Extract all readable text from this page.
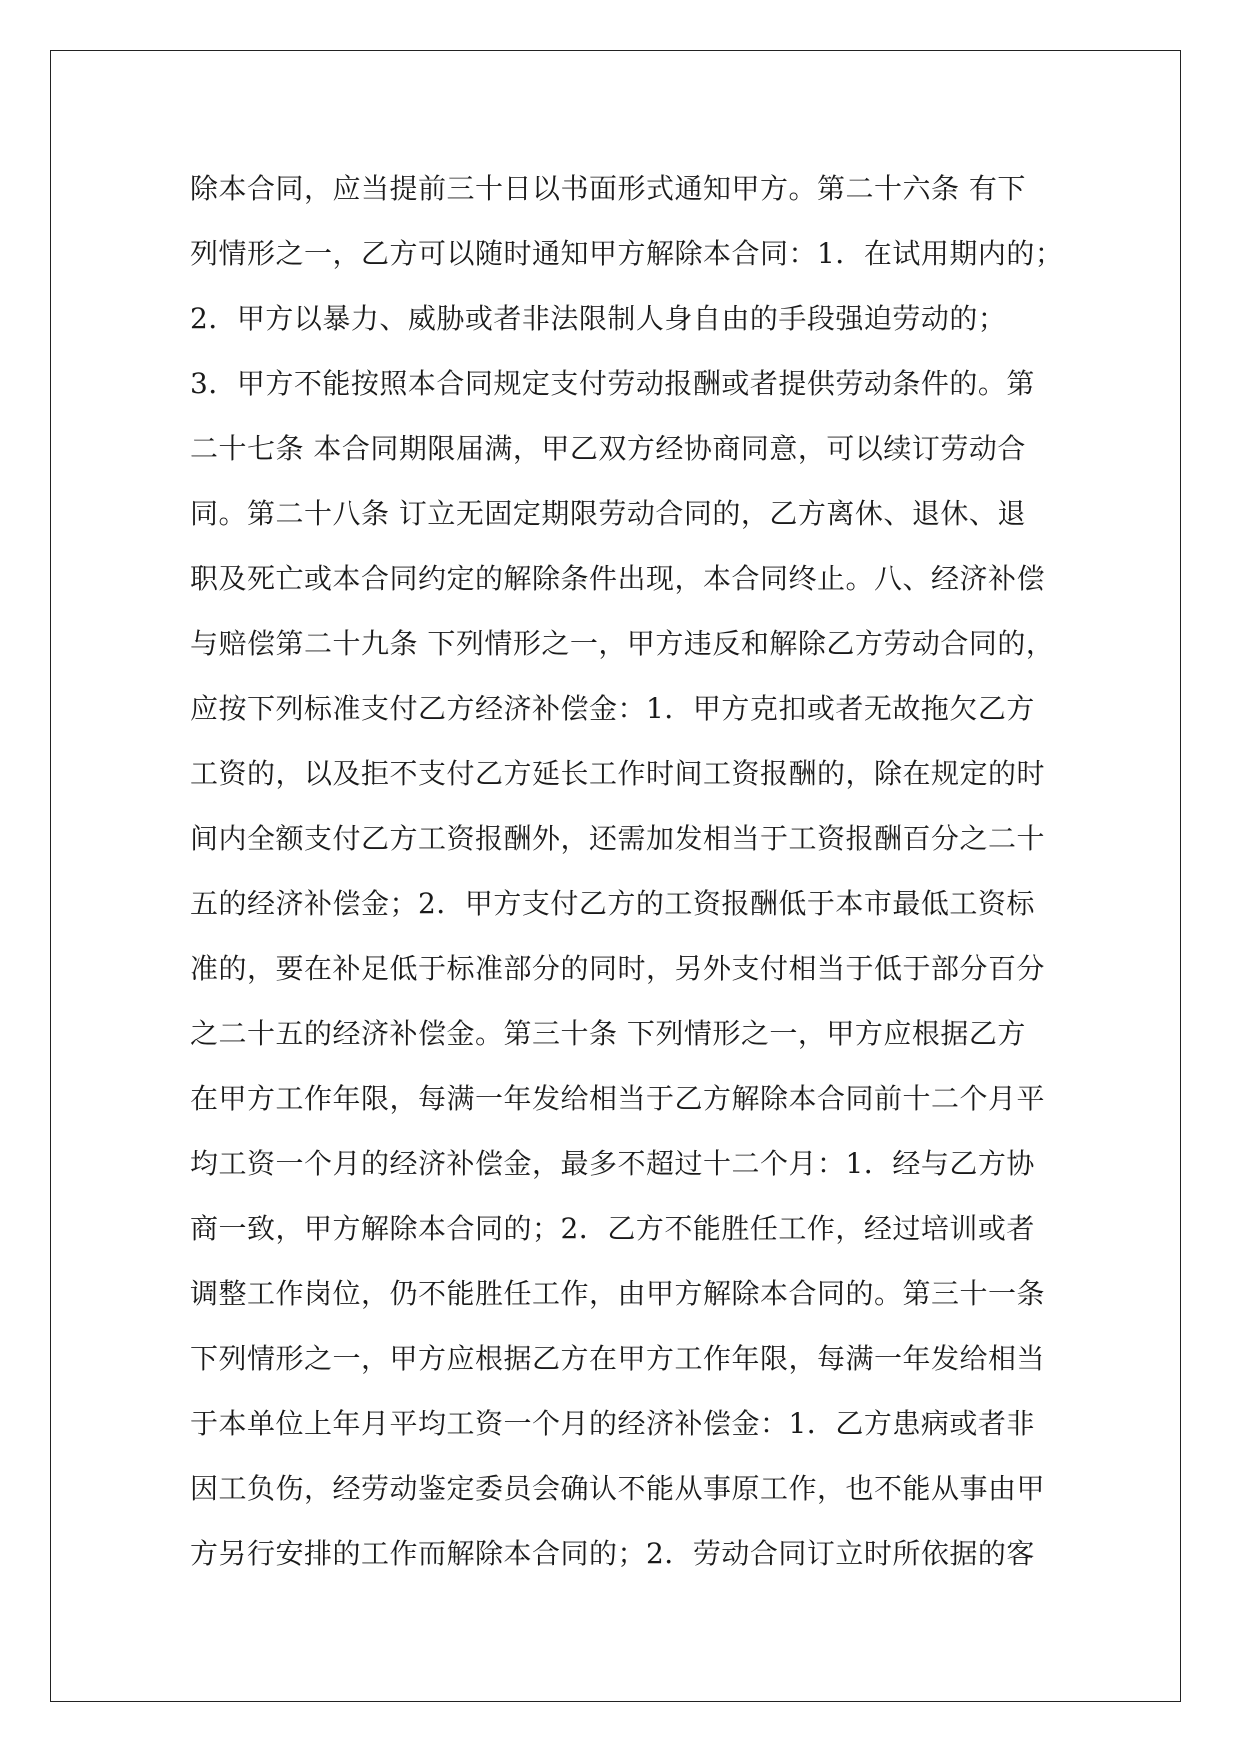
除本合同，应当提前三十日以书面形式通知甲方。第二十六条 有下
列情形之一，乙方可以随时通知甲方解除本合同：1．在试用期内的；
2．甲方以暴力、威胁或者非法限制人身自由的手段强迫劳动的；
3．甲方不能按照本合同规定支付劳动报酬或者提供劳动条件的。第
二十七条 本合同期限届满，甲乙双方经协商同意，可以续订劳动合
同。第二十八条 订立无固定期限劳动合同的，乙方离休、退休、退
职及死亡或本合同约定的解除条件出现，本合同终止。八、经济补偿
与赔偿第二十九条 下列情形之一，甲方违反和解除乙方劳动合同的，
应按下列标准支付乙方经济补偿金：1．甲方克扣或者无故拖欠乙方
工资的，以及拒不支付乙方延长工作时间工资报酬的，除在规定的时
间内全额支付乙方工资报酬外，还需加发相当于工资报酬百分之二十
五的经济补偿金；2．甲方支付乙方的工资报酬低于本市最低工资标
准的，要在补足低于标准部分的同时，另外支付相当于低于部分百分
之二十五的经济补偿金。第三十条 下列情形之一，甲方应根据乙方
在甲方工作年限，每满一年发给相当于乙方解除本合同前十二个月平
均工资一个月的经济补偿金，最多不超过十二个月：1．经与乙方协
商一致，甲方解除本合同的；2．乙方不能胜任工作，经过培训或者
调整工作岗位，仍不能胜任工作，由甲方解除本合同的。第三十一条
下列情形之一，甲方应根据乙方在甲方工作年限，每满一年发给相当
于本单位上年月平均工资一个月的经济补偿金：1．乙方患病或者非
因工负伤，经劳动鉴定委员会确认不能从事原工作，也不能从事由甲
方另行安排的工作而解除本合同的；2．劳动合同订立时所依据的客
